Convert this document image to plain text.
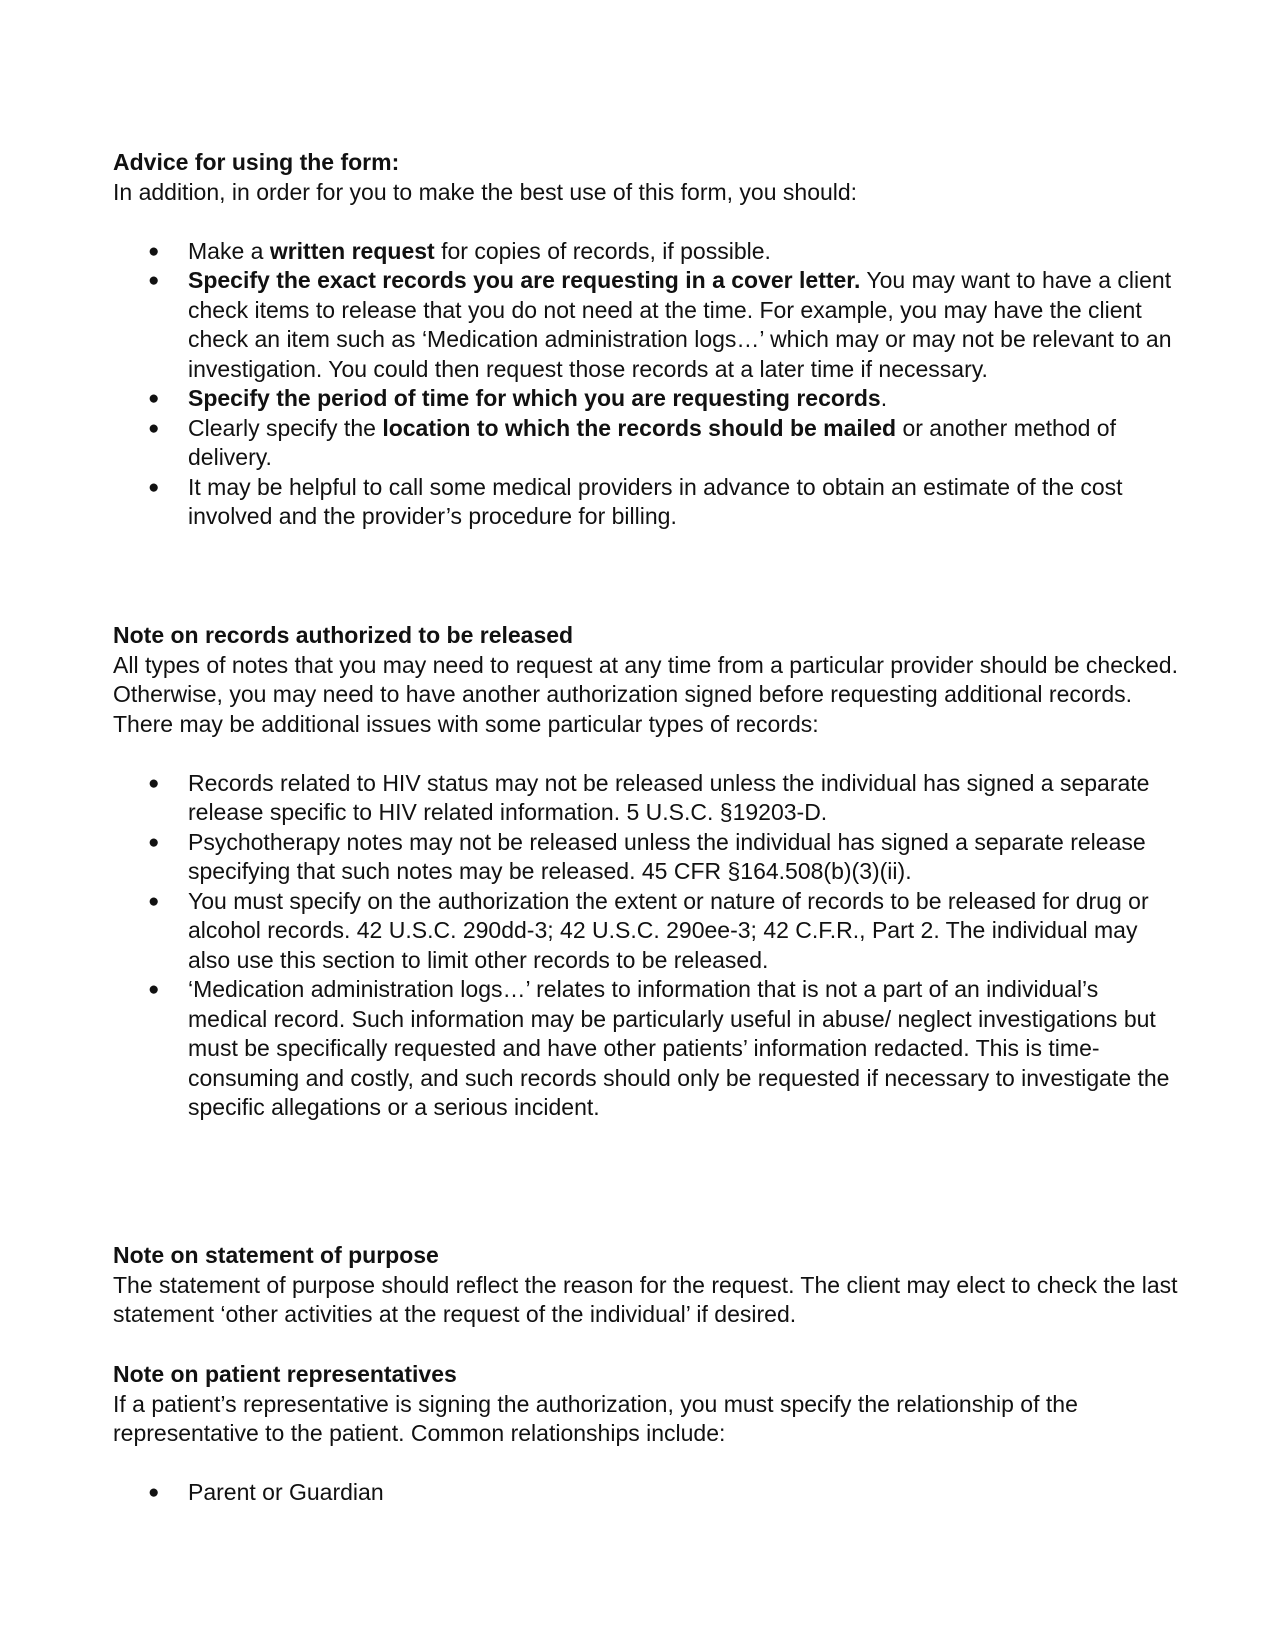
Advice for using the form:

In addition, in order for you to make the best use of this form, you should:

● Make a written request for copies of records, if possible.
● Specify the exact records you are requesting in a cover letter. You may want to have a client check items to release that you do not need at the time. For example, you may have the client check an item such as ‘Medication administration logs…’ which may or may not be relevant to an investigation. You could then request those records at a later time if necessary.
● Specify the period of time for which you are requesting records.
● Clearly specify the location to which the records should be mailed or another method of delivery.
● It may be helpful to call some medical providers in advance to obtain an estimate of the cost involved and the provider’s procedure for billing.
Note on records authorized to be released

All types of notes that you may need to request at any time from a particular provider should be checked. Otherwise, you may need to have another authorization signed before requesting additional records. There may be additional issues with some particular types of records:

● Records related to HIV status may not be released unless the individual has signed a separate release specific to HIV related information. 5 U.S.C. §19203-D.
● Psychotherapy notes may not be released unless the individual has signed a separate release specifying that such notes may be released. 45 CFR §164.508(b)(3)(ii).
● You must specify on the authorization the extent or nature of records to be released for drug or alcohol records. 42 U.S.C. 290dd-3; 42 U.S.C. 290ee-3; 42 C.F.R., Part 2. The individual may also use this section to limit other records to be released.
● ‘Medication administration logs…’ relates to information that is not a part of an individual’s medical record. Such information may be particularly useful in abuse/ neglect investigations but must be specifically requested and have other patients’ information redacted. This is time-consuming and costly, and such records should only be requested if necessary to investigate the specific allegations or a serious incident.
Note on statement of purpose

The statement of purpose should reflect the reason for the request. The client may elect to check the last statement ‘other activities at the request of the individual’ if desired.

Note on patient representatives

If a patient’s representative is signing the authorization, you must specify the relationship of the representative to the patient. Common relationships include:

● Parent or Guardian
